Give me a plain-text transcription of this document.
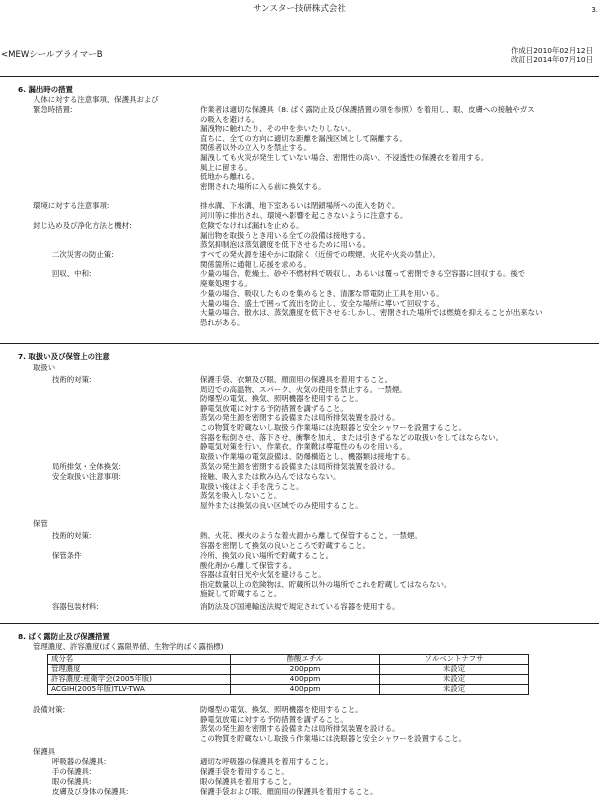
サンスター技研株式会社	3.
<MEWシールプライマーB	作成日2010年02月12日
改訂日2014年07月10日
6. 漏出時の措置
人体に対する注意事項、保護具および
緊急時措置:	作業者は適切な保護具（8. ばく露防止及び保護措置の項を参照）を着用し、眼、皮膚への接触やガス
の吸入を避ける。
漏洩物に触れたり、その中を歩いたりしない。
直ちに、全ての方向に適切な距離を漏洩区域として隔離する。
関係者以外の立入りを禁止する。
漏洩しても火災が発生していない場合、密閉性の高い、不浸透性の保護衣を着用する。
風上に留まる。
低地から離れる。
密閉された場所に入る前に換気する。
環境に対する注意事項:	排水溝、下水溝、地下室あるいは閉鎖場所への流入を防ぐ。
河川等に排出され、環境へ影響を起こさないように注意する。
封じ込め及び浄化方法と機材:	危険でなければ漏れを止める。
漏出物を取扱うとき用いる全ての設備は接地する。
蒸気抑制泡は蒸気濃度を低下させるために用いる。
二次災害の防止策:	すべての発火源を速やかに取除く（近傍での喫煙、火花や火炎の禁止）。
関係箇所に通報し応援を求める。
少量の場合、乾燥土、砂や不燃材料で吸収し、あるいは覆って密閉できる空容器に回収する。後で
廃棄処理する。
回収、中和:
少量の場合、吸収したものを集めるとき、清潔な帯電防止工具を用いる。
大量の場合、盛土で囲って流出を防止し、安全な場所に導いて回収する。
大量の場合、散水は、蒸気濃度を低下させる:しかし、密閉された場所では燃焼を抑えることが出来ない
恐れがある。
7. 取扱い及び保管上の注意
取扱い
技術的対策:	保護手袋、衣類及び眼、顔面用の保護具を着用すること。
周辺での高温物、スパーク、火気の使用を禁止する。一禁煙。
防爆型の電気、換気、照明機器を使用すること。
静電気放電に対する予防措置を講ずること。
蒸気の発生源を密閉する設備または局所排気装置を設ける。
この物質を貯蔵ないし取扱う作業場には洗眼器と安全シャワーを設置すること。
容器を転倒させ、落下させ、衝撃を加え、または引きずるなどの取扱いをしてはならない。
静電気対策を行い、作業衣、作業靴は導電性のものを用いる。
取扱い作業場の電気設備は、防爆構造とし、機器類は接地する。
局所排気・全体換気:	蒸気の発生源を密閉する設備または局所排気装置を設ける。
安全取扱い注意事項:	接触、吸入または飲み込んではならない。
取扱い後はよく手を洗うこと。
蒸気を吸入しないこと。
屋外または換気の良い区域でのみ使用すること。
保管
技術的対策:	熱、火花、裸火のような着火源から離して保管すること。一禁煙。
容器を密閉して換気の良いところで貯蔵すること。
保管条件	冷所、換気の良い場所で貯蔵すること。
酸化剤から離して保管する。
容器は直射日光や火気を避けること。
指定数量以上の危険物は、貯蔵所以外の場所でこれを貯蔵してはならない。
施錠して貯蔵すること。
容器包装材料:	消防法及び国連輸送法規で規定されている容器を使用する。
8. ばく露防止及び保護措置
管理濃度、許容濃度(ばく露限界値、生物学的ばく露指標)
成分名	酢酸エチル	ソルベントナフサ
管理濃度	200ppm	未設定
許容濃度:産衛学会(2005年版)	400ppm	未設定
ACGIH(2005年版)TLV-TWA	400ppm	未設定
設備対策:	防爆型の電気、換気、照明機器を使用すること。
静電気放電に対する予防措置を講ずること。
蒸気の発生源を密閉する設備または局所排気装置を設ける。
この物質を貯蔵ないし取扱う作業場には洗眼器と安全シャワーを設置すること。
保護具
呼吸器の保護具:	適切な呼吸器の保護具を着用すること。
手の保護具:	保護手袋を着用すること。
眼の保護具:	眼の保護具を着用すること。
皮膚及び身体の保護具:	保護手袋および眼、顔面用の保護具を着用すること。
